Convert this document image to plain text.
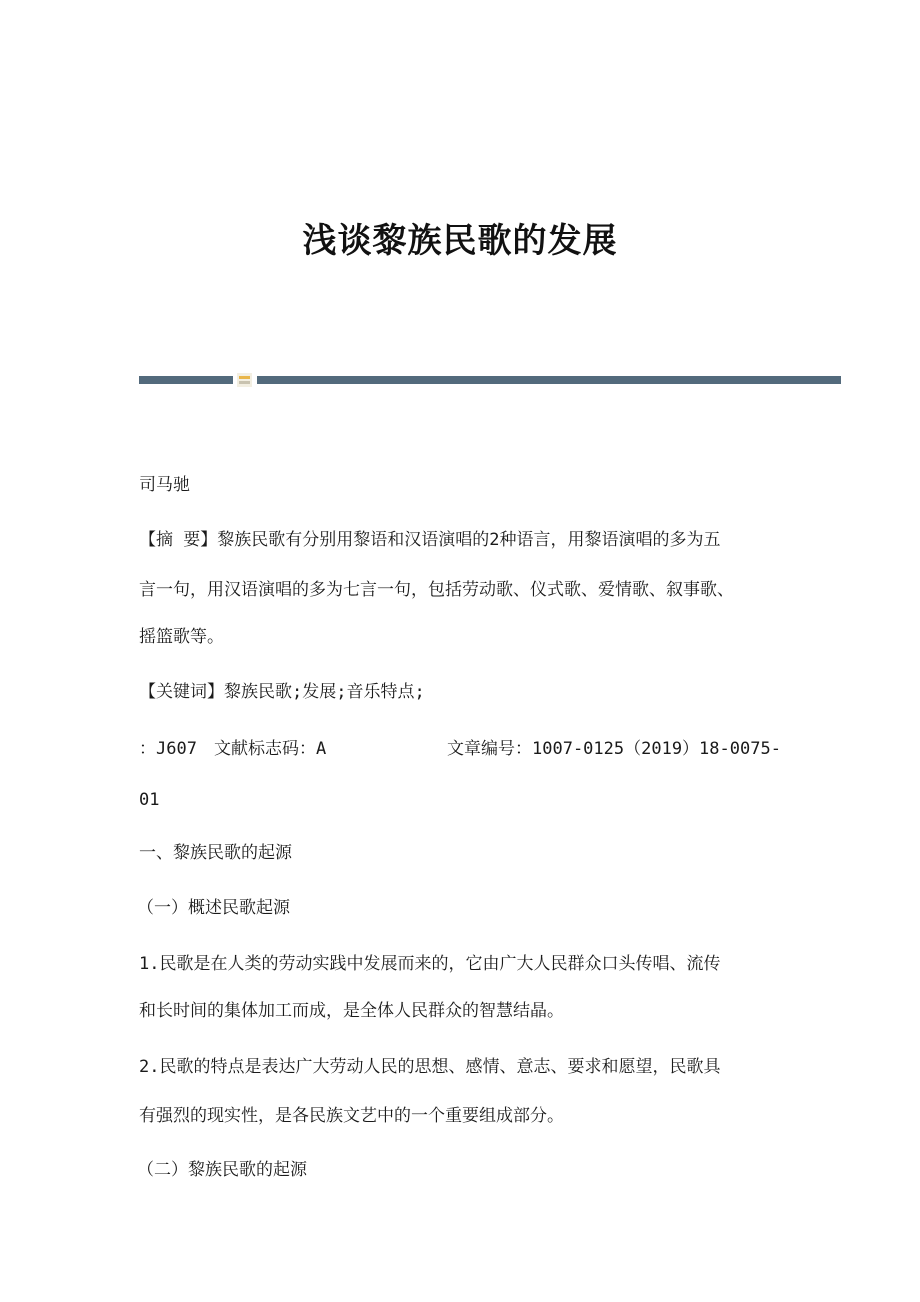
浅谈黎族民歌的发展
司马驰
【摘 要】黎族民歌有分别用黎语和汉语演唱的2种语言，用黎语演唱的多为五
言一句，用汉语演唱的多为七言一句，包括劳动歌、仪式歌、爱情歌、叙事歌、
摇篮歌等。
【关键词】黎族民歌;发展;音乐特点;
：J607 文献标志码：A	文章编号：1007-0125（2019）18-0075-
01
一、黎族民歌的起源
（一）概述民歌起源
1.民歌是在人类的劳动实践中发展而来的，它由广大人民群众口头传唱、流传
和长时间的集体加工而成，是全体人民群众的智慧结晶。
2.民歌的特点是表达广大劳动人民的思想、感情、意志、要求和愿望，民歌具
有强烈的现实性，是各民族文艺中的一个重要组成部分。
（二）黎族民歌的起源
